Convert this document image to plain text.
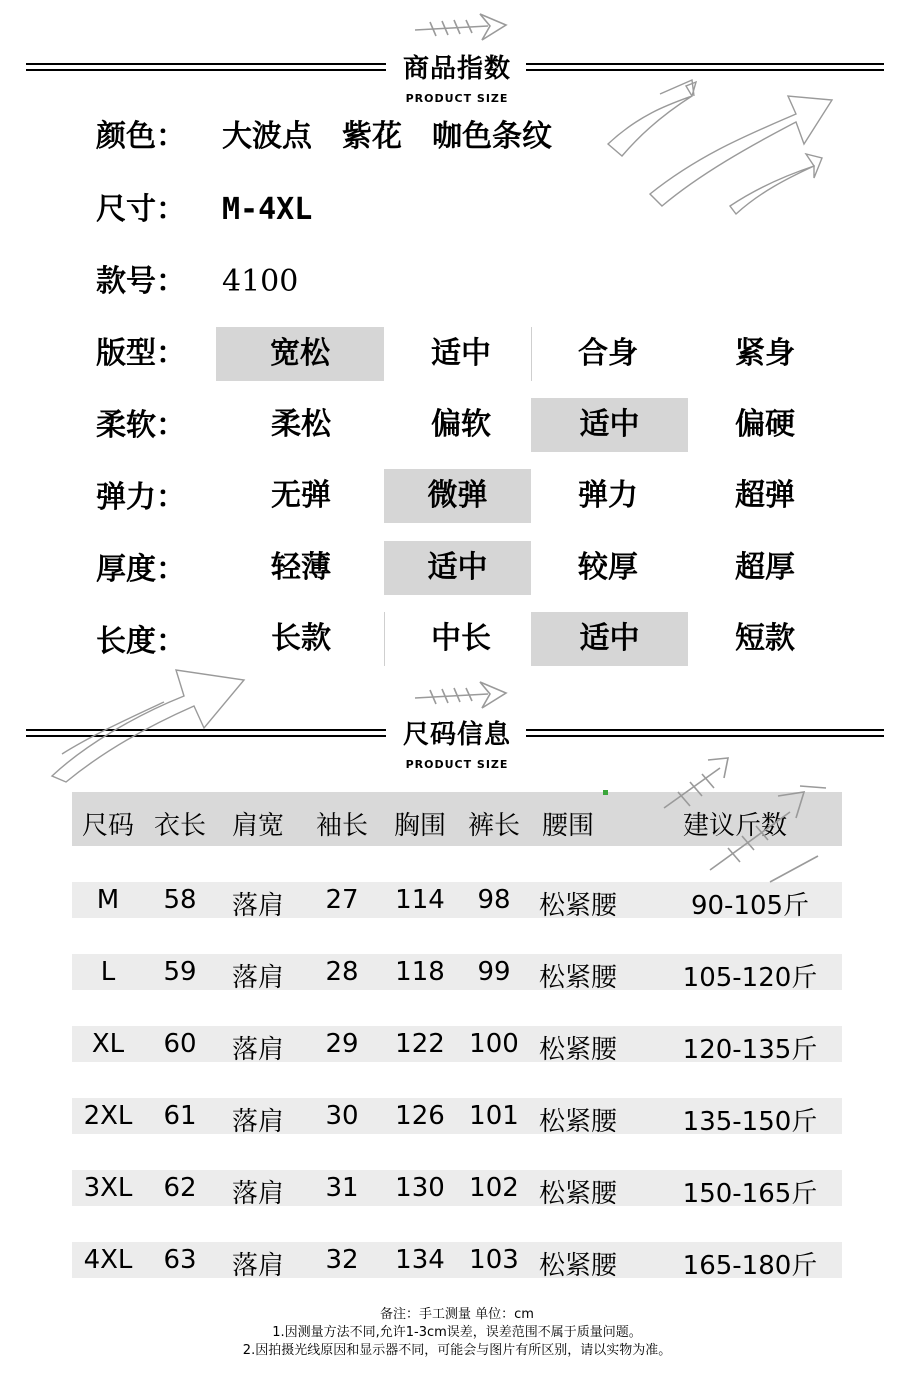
商品指数
PRODUCT SIZE
颜色： 大波点　紫花　咖色条纹
尺寸： M-4XL
款号： 4100
版型：	宽松	适中	合身	紧身
柔软：	柔松	偏软	适中	偏硬
弹力：	无弹	微弹	弹力	超弹
厚度：	轻薄	适中	较厚	超厚
长度：	长款	中长	适中	短款
尺码信息
PRODUCT SIZE
尺码 衣长 肩宽	袖长 胸围 裤长 腰围	建议斤数
M	58	落肩	27	114	98	松紧腰	90-105斤
L	59	落肩	28	118	99	松紧腰	105-120斤
XL	60	落肩	29	122 100 松紧腰	120-135斤
2XL	61	落肩	30	126 101 松紧腰	135-150斤
3XL	62	落肩	31	130 102 松紧腰	150-165斤
4XL	63	落肩	32	134 103 松紧腰	165-180斤
备注：手工测量 单位：cm
1.因测量方法不同,允许1-3cm误差，误差范围不属于质量问题。
2.因拍摄光线原因和显示器不同，可能会与图片有所区别，请以实物为准。
